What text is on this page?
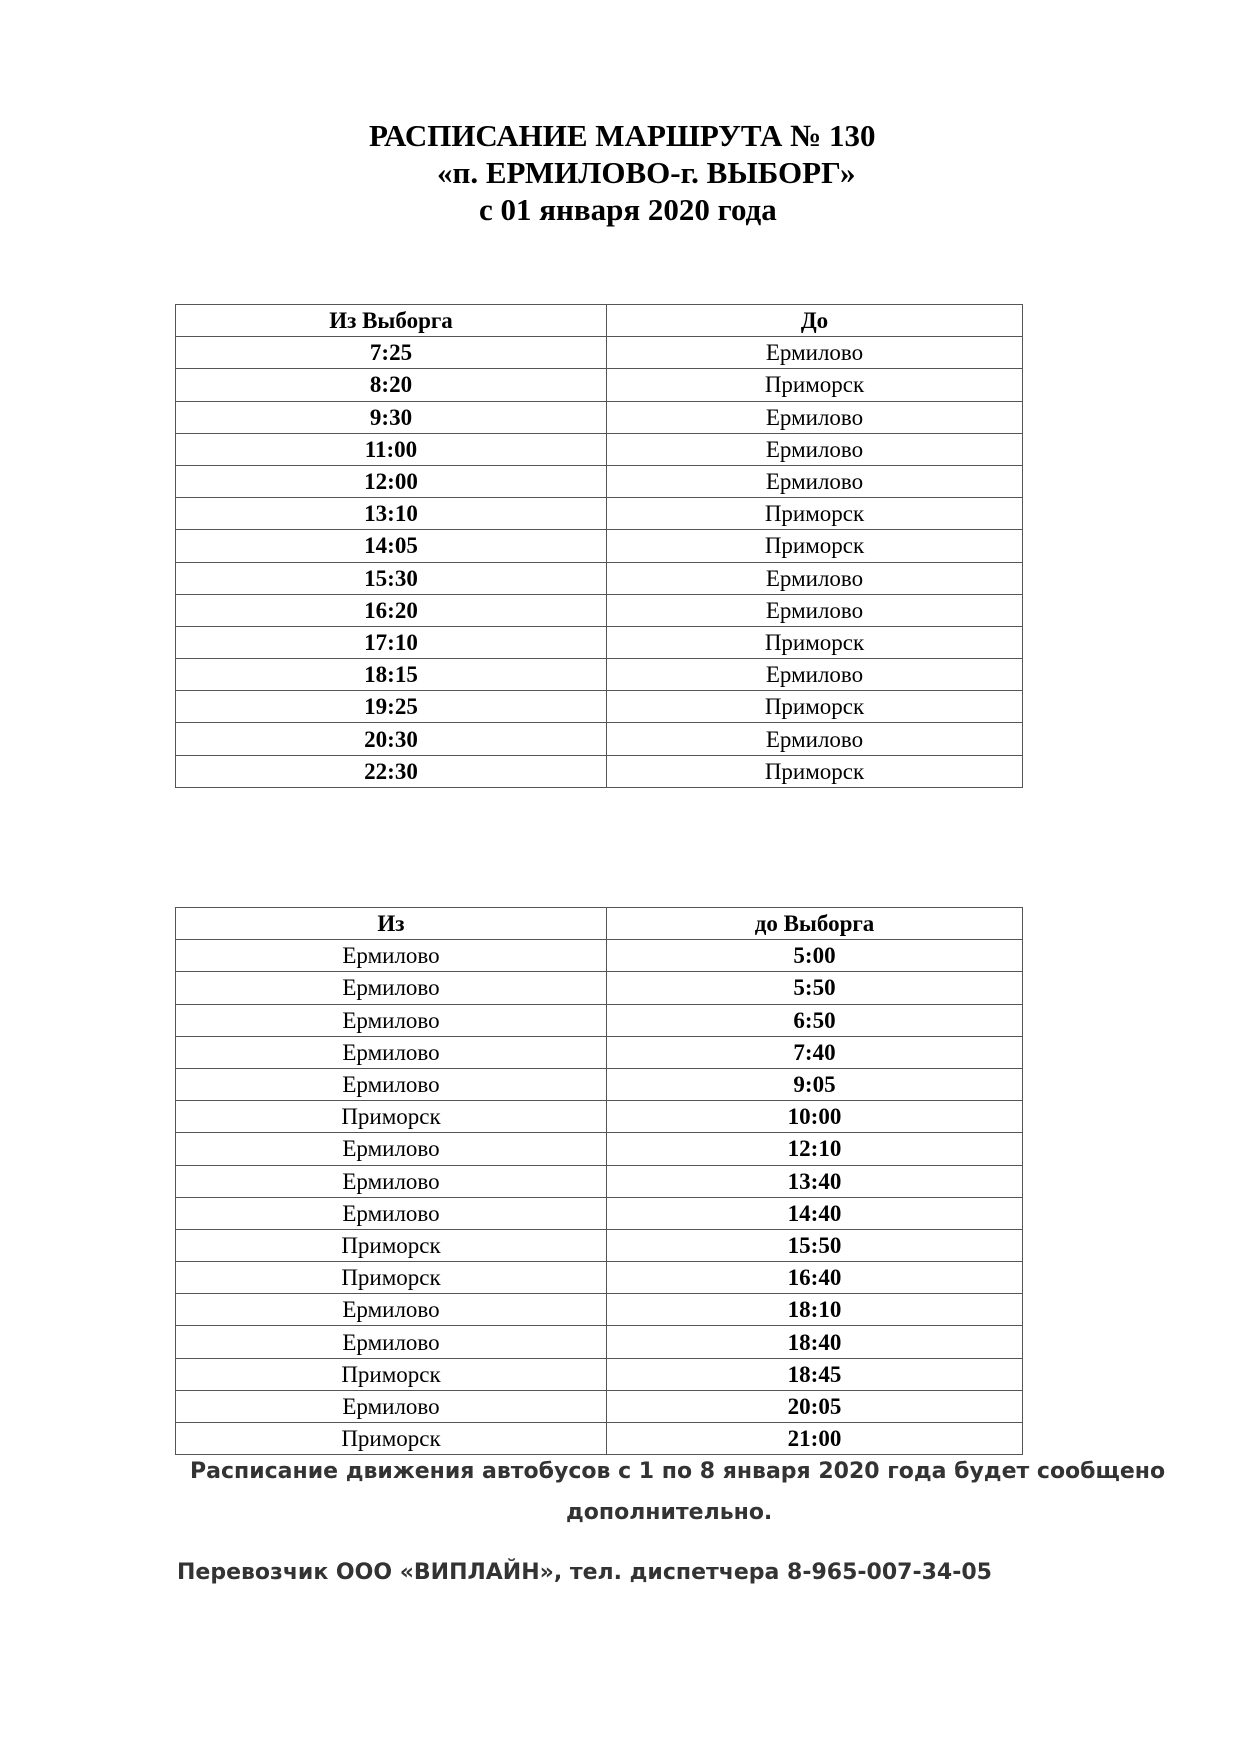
РАСПИСАНИЕ МАРШРУТА № 130
«п. ЕРМИЛОВО-г. ВЫБОРГ»
с 01 января 2020 года
Из Выборга	До
7:25	Ермилово
8:20	Приморск
9:30	Ермилово
11:00	Ермилово
12:00	Ермилово
13:10	Приморск
14:05	Приморск
15:30	Ермилово
16:20	Ермилово
17:10	Приморск
18:15	Ермилово
19:25	Приморск
20:30	Ермилово
22:30	Приморск
Из	до Выборга
Ермилово	5:00
Ермилово	5:50
Ермилово	6:50
Ермилово	7:40
Ермилово	9:05
Приморск	10:00
Ермилово	12:10
Ермилово	13:40
Ермилово	14:40
Приморск	15:50
Приморск	16:40
Ермилово	18:10
Ермилово	18:40
Приморск	18:45
Ермилово	20:05
Приморск	21:00
Расписание движения автобусов с 1 по 8 января 2020 года будет сообщено
дополнительно.
Перевозчик ООО «ВИПЛАЙН», тел. диспетчера 8-965-007-34-05
